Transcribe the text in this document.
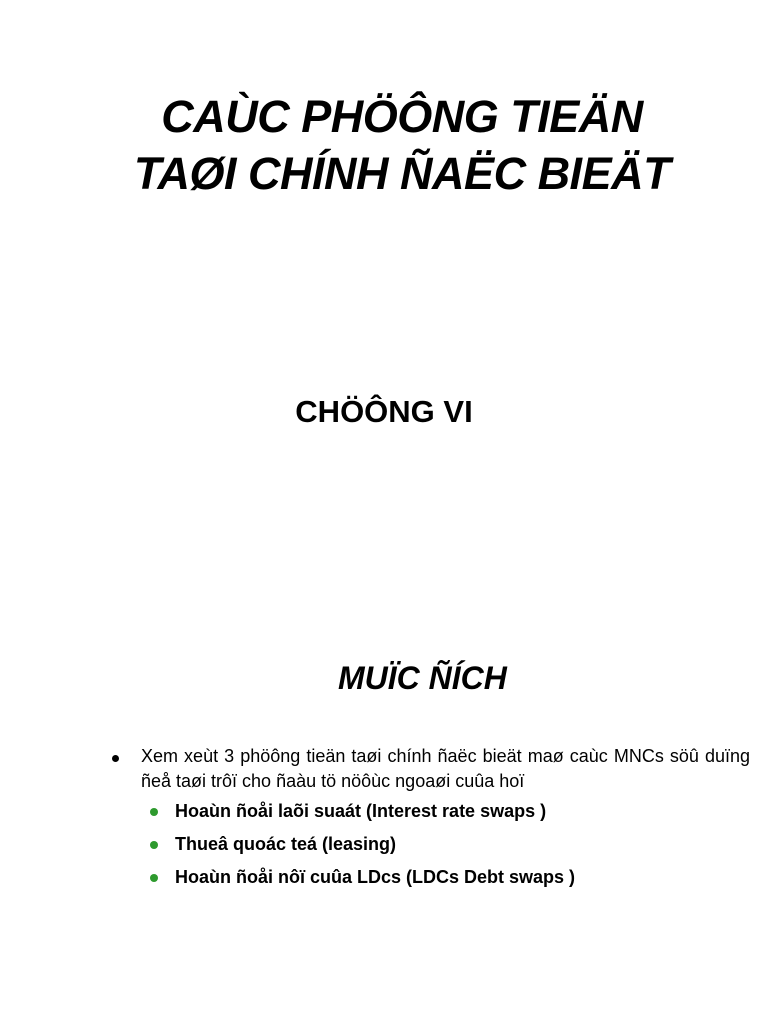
CAÙC PHÖÔNG TIEÄN
TAØI CHÍNH ÑAËC BIEÄT
CHÖÔNG VI
MUÏC ÑÍCH
Xem xeùt 3 phöông tieän taøi chính ñaëc bieät maø caùc MNCs söû duïng ñeå taøi trôï cho ñaàu tö nöôùc ngoaøi cuûa hoï
Hoaùn ñoåi laõi suaát (Interest rate swaps )
Thueâ quoác teá (leasing)
Hoaùn ñoåi nôï cuûa LDcs (LDCs Debt swaps )
